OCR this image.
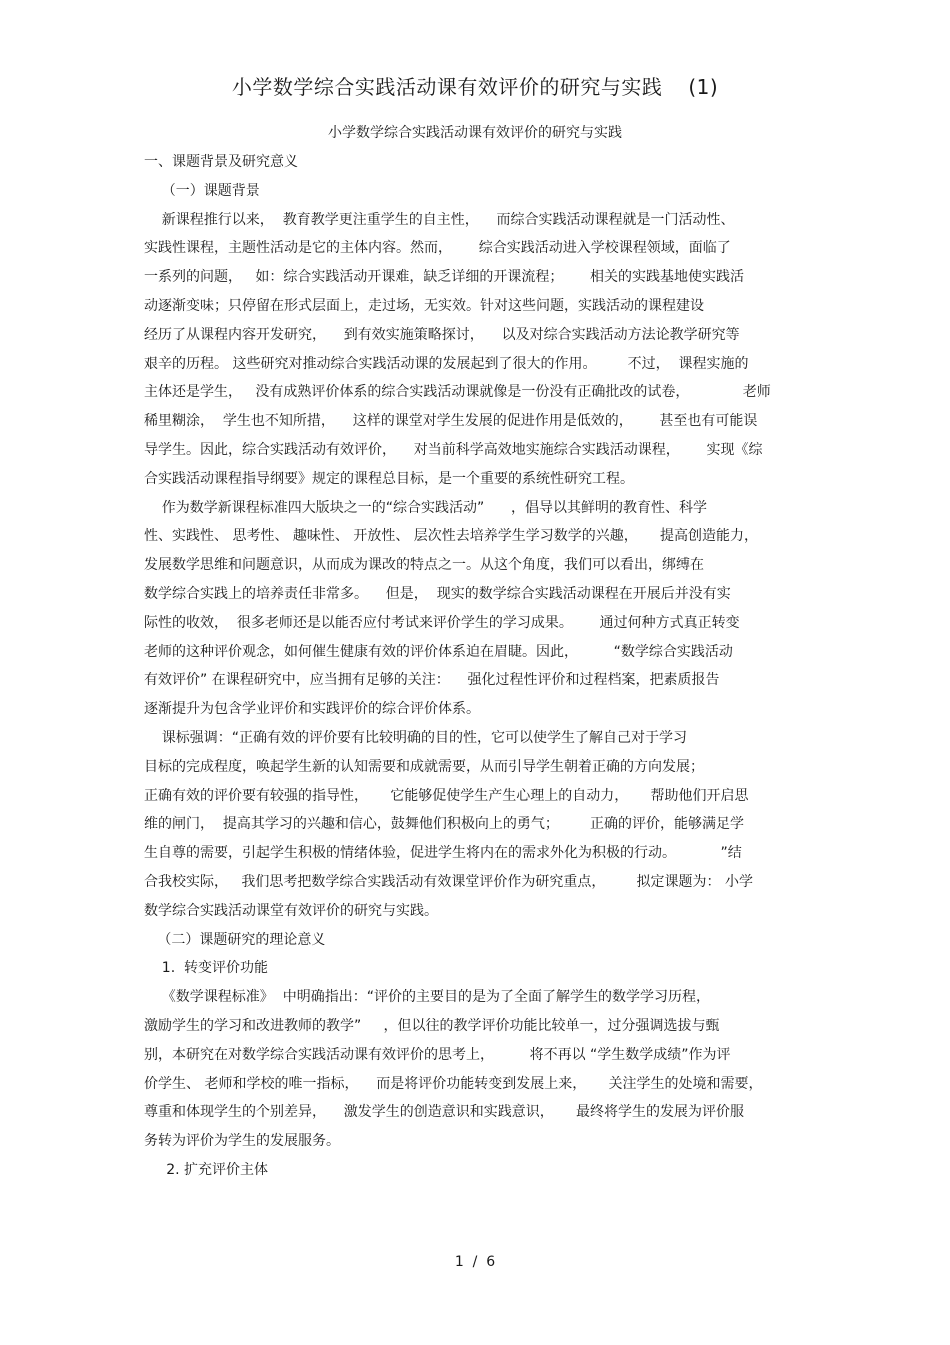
小学数学综合实践活动课有效评价的研究与实践 (1)
小学数学综合实践活动课有效评价的研究与实践
一、课题背景及研究意义
（一）课题背景
新课程推行以来，  教育教学更注重学生的自主性，    而综合实践活动课程就是一门活动性、
实践性课程，主题性活动是它的主体内容。然而，      综合实践活动进入学校课程领域，面临了
一系列的问题，   如：综合实践活动开课难，缺乏详细的开课流程；      相关的实践基地使实践活
动逐渐变味；只停留在形式层面上，走过场，无实效。针对这些问题，实践活动的课程建设
经历了从课程内容开发研究，    到有效实施策略探讨，    以及对综合实践活动方法论教学研究等
艰辛的历程。 这些研究对推动综合实践活动课的发展起到了很大的作用。       不过，  课程实施的
主体还是学生，   没有成熟评价体系的综合实践活动课就像是一份没有正确批改的试卷，            老师
稀里糊涂，  学生也不知所措，    这样的课堂对学生发展的促进作用是低效的，      甚至也有可能误
导学生。因此，综合实践活动有效评价，    对当前科学高效地实施综合实践活动课程，      实现《综
合实践活动课程指导纲要》规定的课程总目标，是一个重要的系统性研究工程。
作为数学新课程标准四大版块之一的“综合实践活动”      ，倡导以其鲜明的教育性、科学
性、实践性、 思考性、 趣味性、 开放性、 层次性去培养学生学习数学的兴趣，     提高创造能力，
发展数学思维和问题意识，从而成为课改的特点之一。从这个角度，我们可以看出，绑缚在
数学综合实践上的培养责任非常多。    但是，  现实的数学综合实践活动课程在开展后并没有实
际性的收效，  很多老师还是以能否应付考试来评价学生的学习成果。      通过何种方式真正转变
老师的这种评价观念，如何催生健康有效的评价体系迫在眉睫。因此，        “数学综合实践活动
有效评价” 在课程研究中，应当拥有足够的关注：    强化过程性评价和过程档案，把素质报告
逐渐提升为包含学业评价和实践评价的综合评价体系。
课标强调：“正确有效的评价要有比较明确的目的性，它可以使学生了解自己对于学习
目标的完成程度，唤起学生新的认知需要和成就需要，从而引导学生朝着正确的方向发展；
正确有效的评价要有较强的指导性，     它能够促使学生产生心理上的自动力，     帮助他们开启思
维的闸门，  提高其学习的兴趣和信心，鼓舞他们积极向上的勇气；       正确的评价，能够满足学
生自尊的需要，引起学生积极的情绪体验，促进学生将内在的需求外化为积极的行动。          ”结
合我校实际，   我们思考把数学综合实践活动有效课堂评价作为研究重点，       拟定课题为： 小学
数学综合实践活动课堂有效评价的研究与实践。
（二）课题研究的理论意义
1.  转变评价功能
《数学课程标准》  中明确指出：“评价的主要目的是为了全面了解学生的数学学习历程，
激励学生的学习和改进教师的教学”     ，但以往的教学评价功能比较单一，过分强调选拔与甄
别，本研究在对数学综合实践活动课有效评价的思考上，        将不再以 “学生数学成绩”作为评
价学生、 老师和学校的唯一指标，    而是将评价功能转变到发展上来，     关注学生的处境和需要，
尊重和体现学生的个别差异，    激发学生的创造意识和实践意识，     最终将学生的发展为评价服
务转为评价为学生的发展服务。
2. 扩充评价主体
1  /  6
